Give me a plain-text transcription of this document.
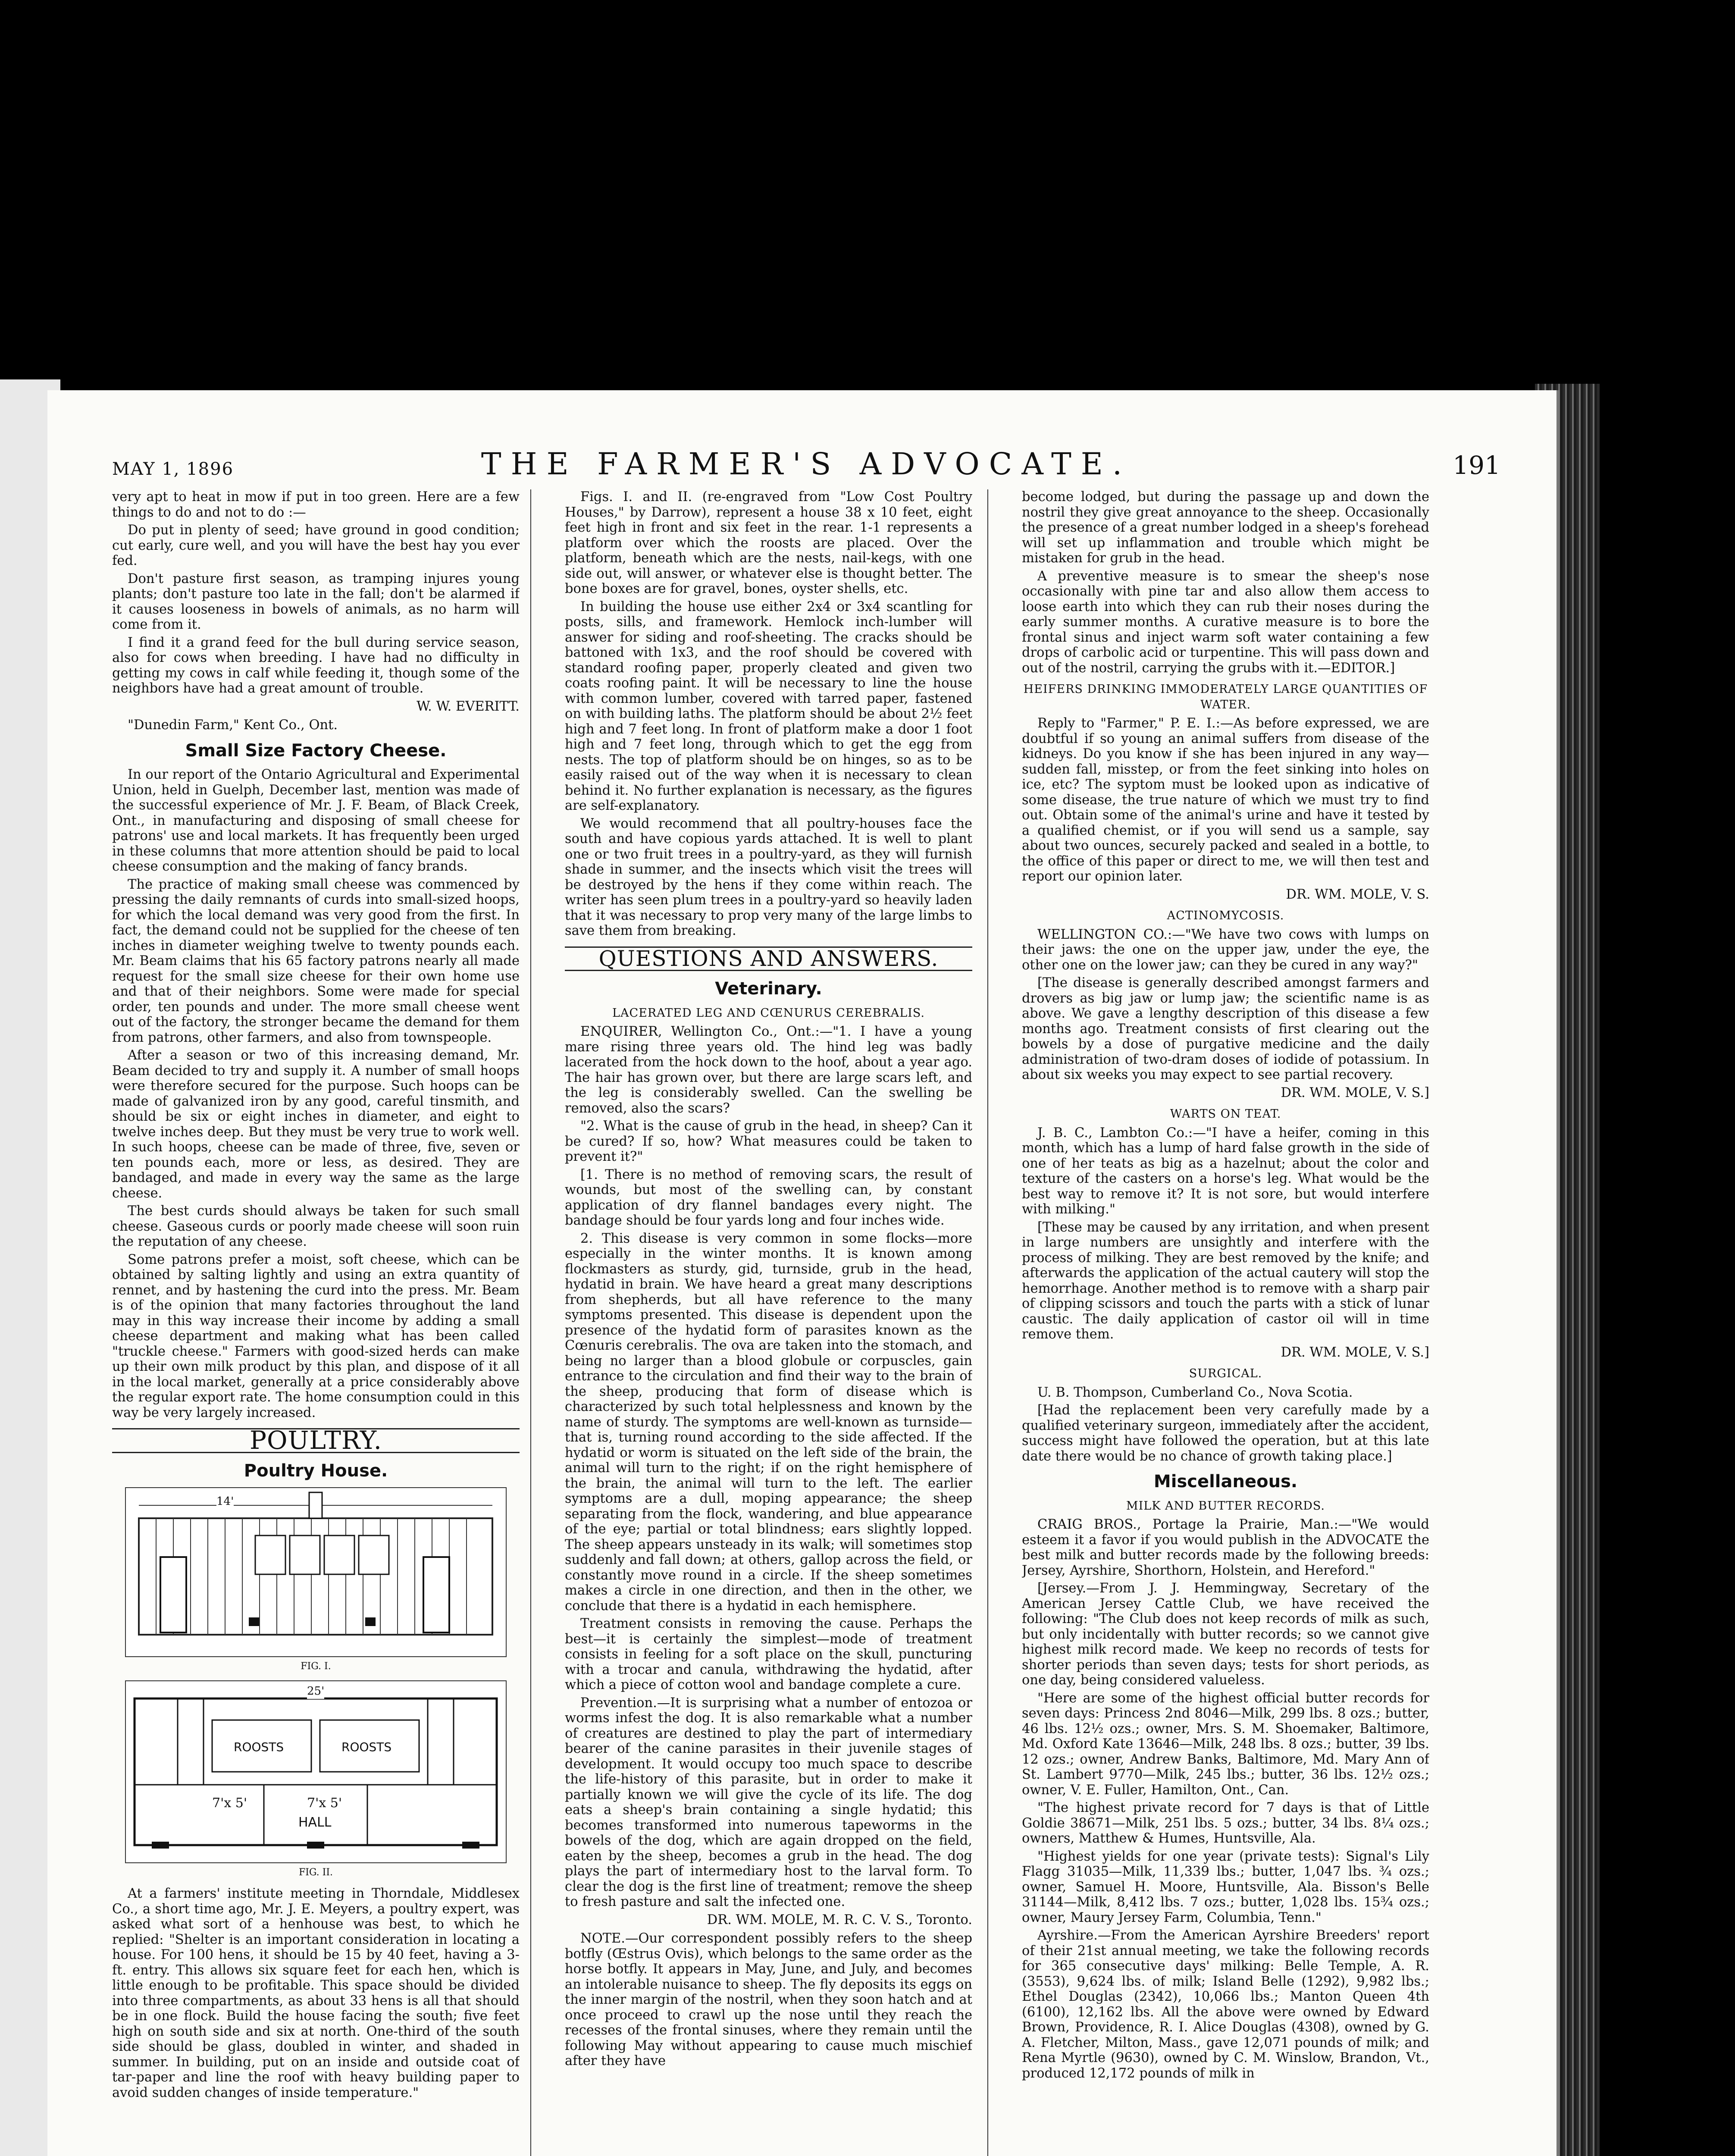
MAY 1, 1896	THE FARMER'S ADVOCATE.	191

very apt to heat in mow if put in too green. Here are a few things to do and not to do :—

Do put in plenty of seed; have ground in good condition; cut early, cure well, and you will have the best hay you ever fed.

Don't pasture first season, as tramping injures young plants; don't pasture too late in the fall; don't be alarmed if it causes looseness in bowels of animals, as no harm will come from it.

I find it a grand feed for the bull during service season, also for cows when breeding. I have had no difficulty in getting my cows in calf while feeding it, though some of the neighbors have had a great amount of trouble.

W. W. EVERITT.

"Dunedin Farm," Kent Co., Ont.

Small Size Factory Cheese.

In our report of the Ontario Agricultural and Experimental Union, held in Guelph, December last, mention was made of the successful experience of Mr. J. F. Beam, of Black Creek, Ont., in manufacturing and disposing of small cheese for patrons' use and local markets. It has frequently been urged in these columns that more attention should be paid to local cheese consumption and the making of fancy brands.

The practice of making small cheese was commenced by pressing the daily remnants of curds into small-sized hoops, for which the local demand was very good from the first. In fact, the demand could not be supplied for the cheese of ten inches in diameter weighing twelve to twenty pounds each. Mr. Beam claims that his 65 factory patrons nearly all made request for the small size cheese for their own home use and that of their neighbors. Some were made for special order, ten pounds and under. The more small cheese went out of the factory, the stronger became the demand for them from patrons, other farmers, and also from townspeople.

After a season or two of this increasing demand, Mr. Beam decided to try and supply it. A number of small hoops were therefore secured for the purpose. Such hoops can be made of galvanized iron by any good, careful tinsmith, and should be six or eight inches in diameter, and eight to twelve inches deep. But they must be very true to work well. In such hoops, cheese can be made of three, five, seven or ten pounds each, more or less, as desired. They are bandaged, and made in every way the same as the large cheese.

The best curds should always be taken for such small cheese. Gaseous curds or poorly made cheese will soon ruin the reputation of any cheese.

Some patrons prefer a moist, soft cheese, which can be obtained by salting lightly and using an extra quantity of rennet, and by hastening the curd into the press. Mr. Beam is of the opinion that many factories throughout the land may in this way increase their income by adding a small cheese department and making what has been called "truckle cheese." Farmers with good-sized herds can make up their own milk product by this plan, and dispose of it all in the local market, generally at a price considerably above the regular export rate. The home consumption could in this way be very largely increased.

POULTRY.
Poultry House.
14'
FIG. I.
25'
ROOSTS	ROOSTS
7'x 5'	7'x 5'
HALL
FIG. II.

At a farmers' institute meeting in Thorndale, Middlesex Co., a short time ago, Mr. J. E. Meyers, a poultry expert, was asked what sort of a henhouse was best, to which he replied: "Shelter is an important consideration in locating a house. For 100 hens, it should be 15 by 40 feet, having a 3-ft. entry. This allows six square feet for each hen, which is little enough to be profitable. This space should be divided into three compartments, as about 33 hens is all that should be in one flock. Build the house facing the south; five feet high on south side and six at north. One-third of the south side should be glass, doubled in winter, and shaded in summer. In building, put on an inside and outside coat of tar-paper and line the roof with heavy building paper to avoid sudden changes of inside temperature."

Figs. I. and II. (re-engraved from "Low Cost Poultry Houses," by Darrow), represent a house 38 x 10 feet, eight feet high in front and six feet in the rear. 1-1 represents a platform over which the roosts are placed. Over the platform, beneath which are the nests, nail-kegs, with one side out, will answer, or whatever else is thought better. The bone boxes are for gravel, bones, oyster shells, etc.

In building the house use either 2x4 or 3x4 scantling for posts, sills, and framework. Hemlock inch-lumber will answer for siding and roof-sheeting. The cracks should be battoned with 1x3, and the roof should be covered with standard roofing paper, properly cleated and given two coats roofing paint. It will be necessary to line the house with common lumber, covered with tarred paper, fastened on with building laths. The platform should be about 2½ feet high and 7 feet long. In front of platform make a door 1 foot high and 7 feet long, through which to get the egg from nests. The top of platform should be on hinges, so as to be easily raised out of the way when it is necessary to clean behind it. No further explanation is necessary, as the figures are self-explanatory.

We would recommend that all poultry-houses face the south and have copious yards attached. It is well to plant one or two fruit trees in a poultry-yard, as they will furnish shade in summer, and the insects which visit the trees will be destroyed by the hens if they come within reach. The writer has seen plum trees in a poultry-yard so heavily laden that it was necessary to prop very many of the large limbs to save them from breaking.

QUESTIONS AND ANSWERS.
Veterinary.
LACERATED LEG AND CŒNURUS CEREBRALIS.

ENQUIRER, Wellington Co., Ont.:—"1. I have a young mare rising three years old. The hind leg was badly lacerated from the hock down to the hoof, about a year ago. The hair has grown over, but there are large scars left, and the leg is considerably swelled. Can the swelling be removed, also the scars?

"2. What is the cause of grub in the head, in sheep? Can it be cured? If so, how? What measures could be taken to prevent it?"

[1. There is no method of removing scars, the result of wounds, but most of the swelling can, by constant application of dry flannel bandages every night. The bandage should be four yards long and four inches wide.

2. This disease is very common in some flocks—more especially in the winter months. It is known among flockmasters as sturdy, gid, turnside, grub in the head, hydatid in brain. We have heard a great many descriptions from shepherds, but all have reference to the many symptoms presented. This disease is dependent upon the presence of the hydatid form of parasites known as the Cœnuris cerebralis. The ova are taken into the stomach, and being no larger than a blood globule or corpuscles, gain entrance to the circulation and find their way to the brain of the sheep, producing that form of disease which is characterized by such total helplessness and known by the name of sturdy. The symptoms are well-known as turnside—that is, turning round according to the side affected. If the hydatid or worm is situated on the left side of the brain, the animal will turn to the right; if on the right hemisphere of the brain, the animal will turn to the left. The earlier symptoms are a dull, moping appearance; the sheep separating from the flock, wandering, and blue appearance of the eye; partial or total blindness; ears slightly lopped. The sheep appears unsteady in its walk; will sometimes stop suddenly and fall down; at others, gallop across the field, or constantly move round in a circle. If the sheep sometimes makes a circle in one direction, and then in the other, we conclude that there is a hydatid in each hemisphere.

Treatment consists in removing the cause. Perhaps the best—it is certainly the simplest—mode of treatment consists in feeling for a soft place on the skull, puncturing with a trocar and canula, withdrawing the hydatid, after which a piece of cotton wool and bandage complete a cure.

Prevention.—It is surprising what a number of entozoa or worms infest the dog. It is also remarkable what a number of creatures are destined to play the part of intermediary bearer of the canine parasites in their juvenile stages of development. It would occupy too much space to describe the life-history of this parasite, but in order to make it partially known we will give the cycle of its life. The dog eats a sheep's brain containing a single hydatid; this becomes transformed into numerous tapeworms in the bowels of the dog, which are again dropped on the field, eaten by the sheep, becomes a grub in the head. The dog plays the part of intermediary host to the larval form. To clear the dog is the first line of treatment; remove the sheep to fresh pasture and salt the infected one.

DR. WM. MOLE, M. R. C. V. S., Toronto.

NOTE.—Our correspondent possibly refers to the sheep botfly (Œstrus Ovis), which belongs to the same order as the horse botfly. It appears in May, June, and July, and becomes an intolerable nuisance to sheep. The fly deposits its eggs on the inner margin of the nostril, when they soon hatch and at once proceed to crawl up the nose until they reach the recesses of the frontal sinuses, where they remain until the following May without appearing to cause much mischief after they have

become lodged, but during the passage up and down the nostril they give great annoyance to the sheep. Occasionally the presence of a great number lodged in a sheep's forehead will set up inflammation and trouble which might be mistaken for grub in the head.

A preventive measure is to smear the sheep's nose occasionally with pine tar and also allow them access to loose earth into which they can rub their noses during the early summer months. A curative measure is to bore the frontal sinus and inject warm soft water containing a few drops of carbolic acid or turpentine. This will pass down and out of the nostril, carrying the grubs with it.—EDITOR.]

HEIFERS DRINKING IMMODERATELY LARGE QUANTITIES OF WATER.

Reply to "Farmer," P. E. I.:—As before expressed, we are doubtful if so young an animal suffers from disease of the kidneys. Do you know if she has been injured in any way—sudden fall, misstep, or from the feet sinking into holes on ice, etc? The syptom must be looked upon as indicative of some disease, the true nature of which we must try to find out. Obtain some of the animal's urine and have it tested by a qualified chemist, or if you will send us a sample, say about two ounces, securely packed and sealed in a bottle, to the office of this paper or direct to me, we will then test and report our opinion later.

DR. WM. MOLE, V. S.
ACTINOMYCOSIS.

WELLINGTON CO.:—"We have two cows with lumps on their jaws: the one on the upper jaw, under the eye, the other one on the lower jaw; can they be cured in any way?"

[The disease is generally described amongst farmers and drovers as big jaw or lump jaw; the scientific name is as above. We gave a lengthy description of this disease a few months ago. Treatment consists of first clearing out the bowels by a dose of purgative medicine and the daily administration of two-dram doses of iodide of potassium. In about six weeks you may expect to see partial recovery.

DR. WM. MOLE, V. S.]
WARTS ON TEAT.

J. B. C., Lambton Co.:—"I have a heifer, coming in this month, which has a lump of hard false growth in the side of one of her teats as big as a hazelnut; about the color and texture of the casters on a horse's leg. What would be the best way to remove it? It is not sore, but would interfere with milking."

[These may be caused by any irritation, and when present in large numbers are unsightly and interfere with the process of milking. They are best removed by the knife; and afterwards the application of the actual cautery will stop the hemorrhage. Another method is to remove with a sharp pair of clipping scissors and touch the parts with a stick of lunar caustic. The daily application of castor oil will in time remove them.

DR. WM. MOLE, V. S.]
SURGICAL.

U. B. Thompson, Cumberland Co., Nova Scotia.

[Had the replacement been very carefully made by a qualified veterinary surgeon, immediately after the accident, success might have followed the operation, but at this late date there would be no chance of growth taking place.]

Miscellaneous.
MILK AND BUTTER RECORDS.

CRAIG BROS., Portage la Prairie, Man.:—"We would esteem it a favor if you would publish in the ADVOCATE the best milk and butter records made by the following breeds: Jersey, Ayrshire, Shorthorn, Holstein, and Hereford."

[Jersey.—From J. J. Hemmingway, Secretary of the American Jersey Cattle Club, we have received the following: "The Club does not keep records of milk as such, but only incidentally with butter records; so we cannot give highest milk record made. We keep no records of tests for shorter periods than seven days; tests for short periods, as one day, being considered valueless.

"Here are some of the highest official butter records for seven days: Princess 2nd 8046—Milk, 299 lbs. 8 ozs.; butter, 46 lbs. 12½ ozs.; owner, Mrs. S. M. Shoemaker, Baltimore, Md. Oxford Kate 13646—Milk, 248 lbs. 8 ozs.; butter, 39 lbs. 12 ozs.; owner, Andrew Banks, Baltimore, Md. Mary Ann of St. Lambert 9770—Milk, 245 lbs.; butter, 36 lbs. 12½ ozs.; owner, V. E. Fuller, Hamilton, Ont., Can.

"The highest private record for 7 days is that of Little Goldie 38671—Milk, 251 lbs. 5 ozs.; butter, 34 lbs. 8¼ ozs.; owners, Matthew & Humes, Huntsville, Ala.

"Highest yields for one year (private tests): Signal's Lily Flagg 31035—Milk, 11,339 lbs.; butter, 1,047 lbs. ¾ ozs.; owner, Samuel H. Moore, Huntsville, Ala. Bisson's Belle 31144—Milk, 8,412 lbs. 7 ozs.; butter, 1,028 lbs. 15¾ ozs.; owner, Maury Jersey Farm, Columbia, Tenn."

Ayrshire.—From the American Ayrshire Breeders' report of their 21st annual meeting, we take the following records for 365 consecutive days' milking: Belle Temple, A. R. (3553), 9,624 lbs. of milk; Island Belle (1292), 9,982 lbs.; Ethel Douglas (2342), 10,066 lbs.; Manton Queen 4th (6100), 12,162 lbs. All the above were owned by Edward Brown, Providence, R. I. Alice Douglas (4308), owned by G. A. Fletcher, Milton, Mass., gave 12,071 pounds of milk; and Rena Myrtle (9630), owned by C. M. Winslow, Brandon, Vt., produced 12,172 pounds of milk in
